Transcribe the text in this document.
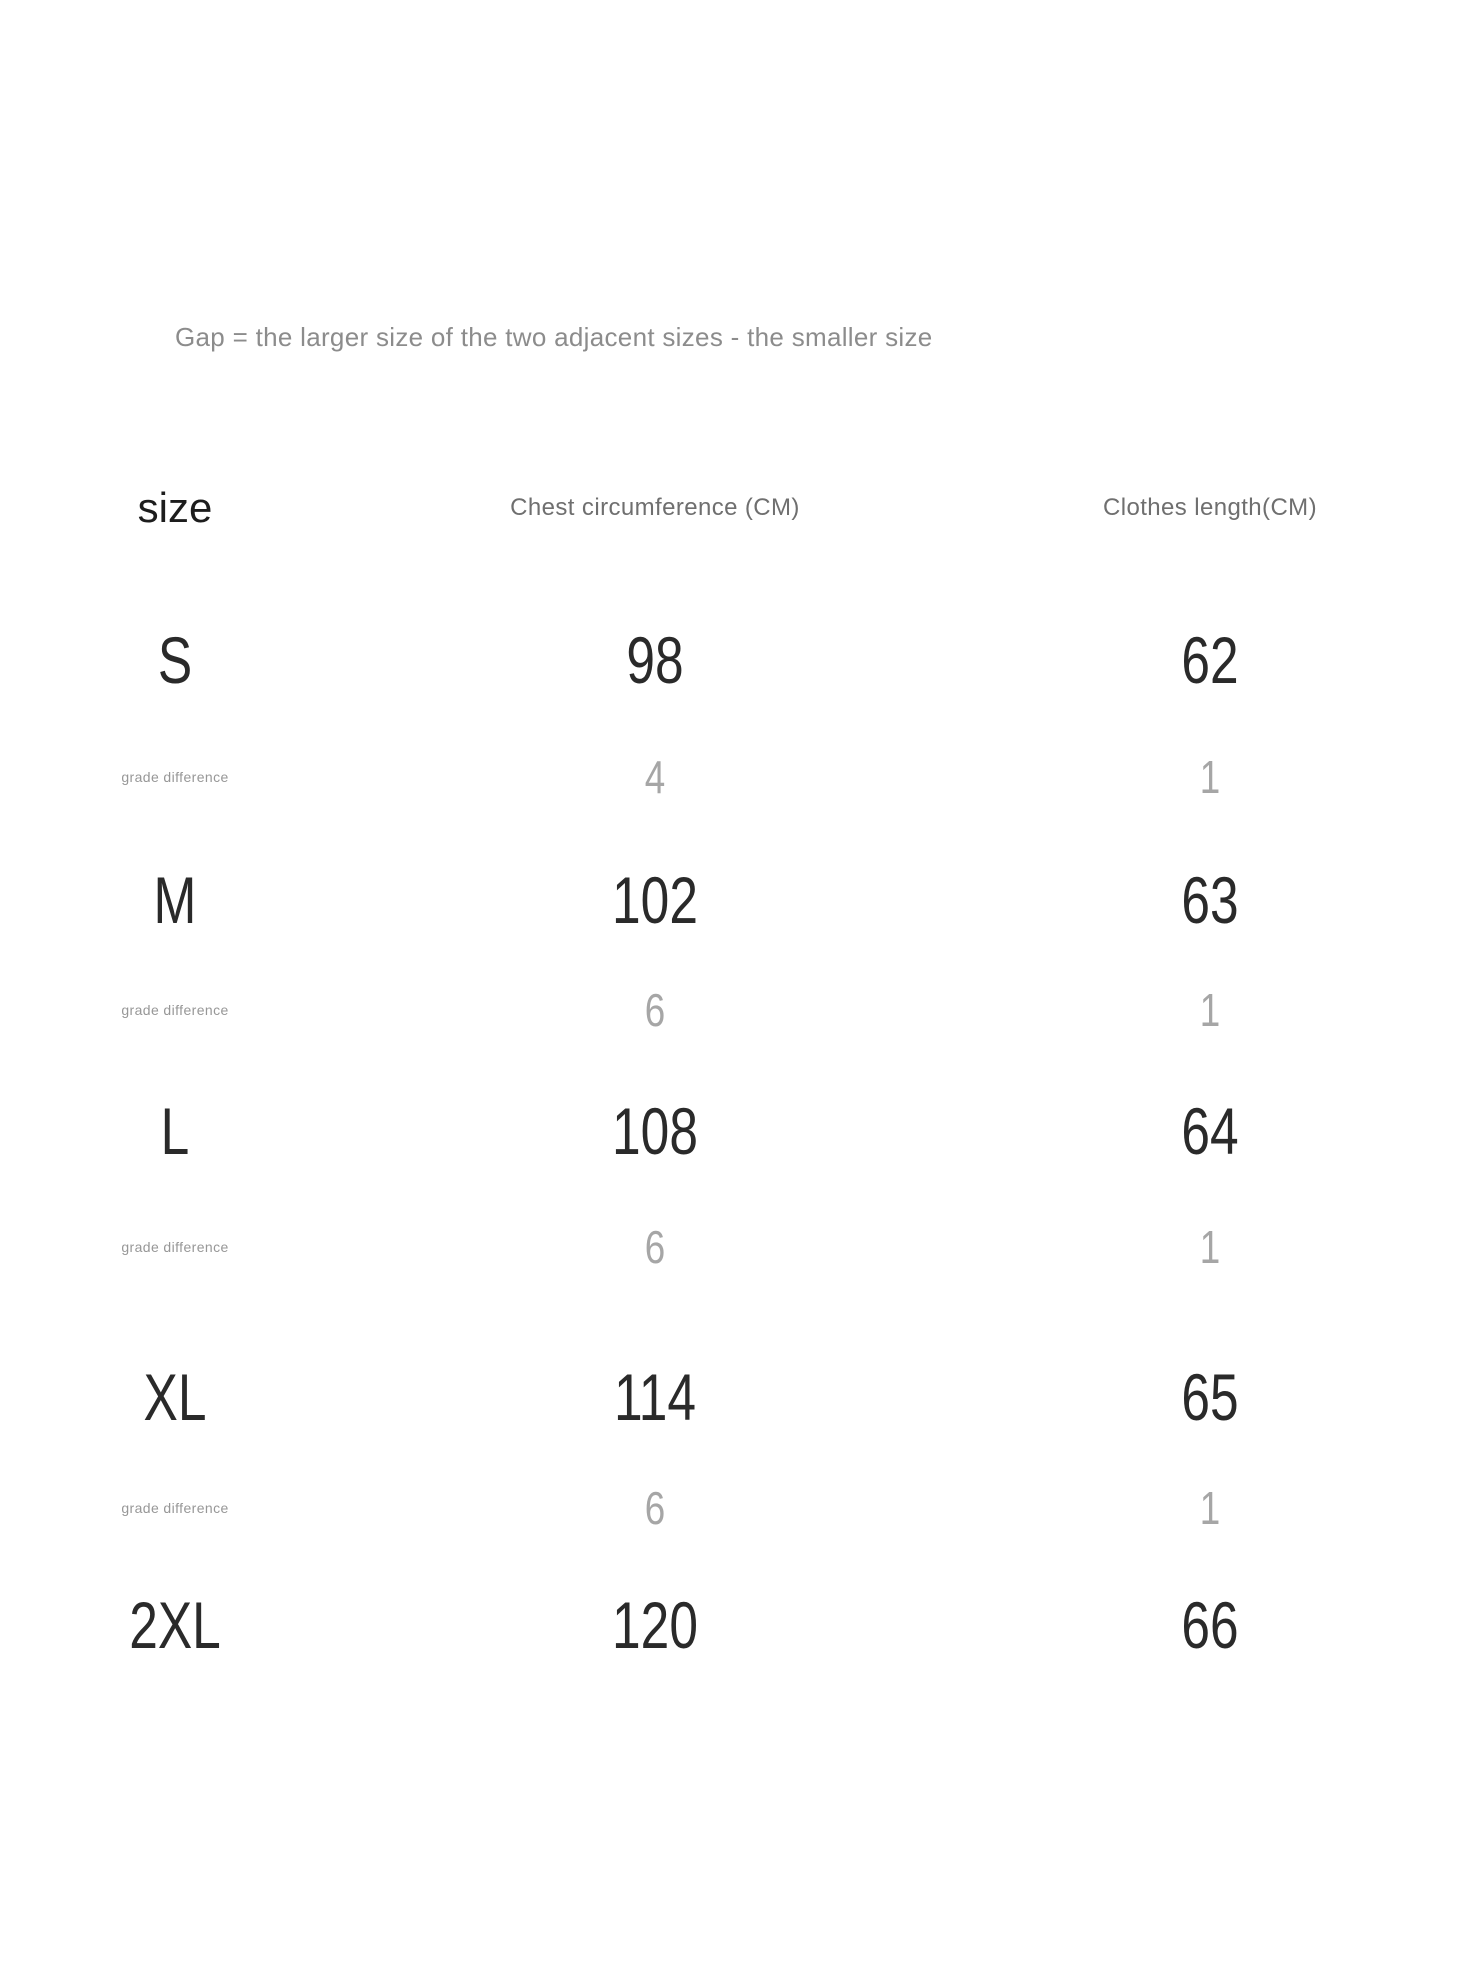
Gap = the larger size of the two adjacent sizes - the smaller size

size	Chest circumference (CM)	Clothes length(CM)
S	98	62
grade difference	4	1
M	102	63
grade difference	6	1
L	108	64
grade difference	6	1
XL	114	65
grade difference	6	1
2XL	120	66
